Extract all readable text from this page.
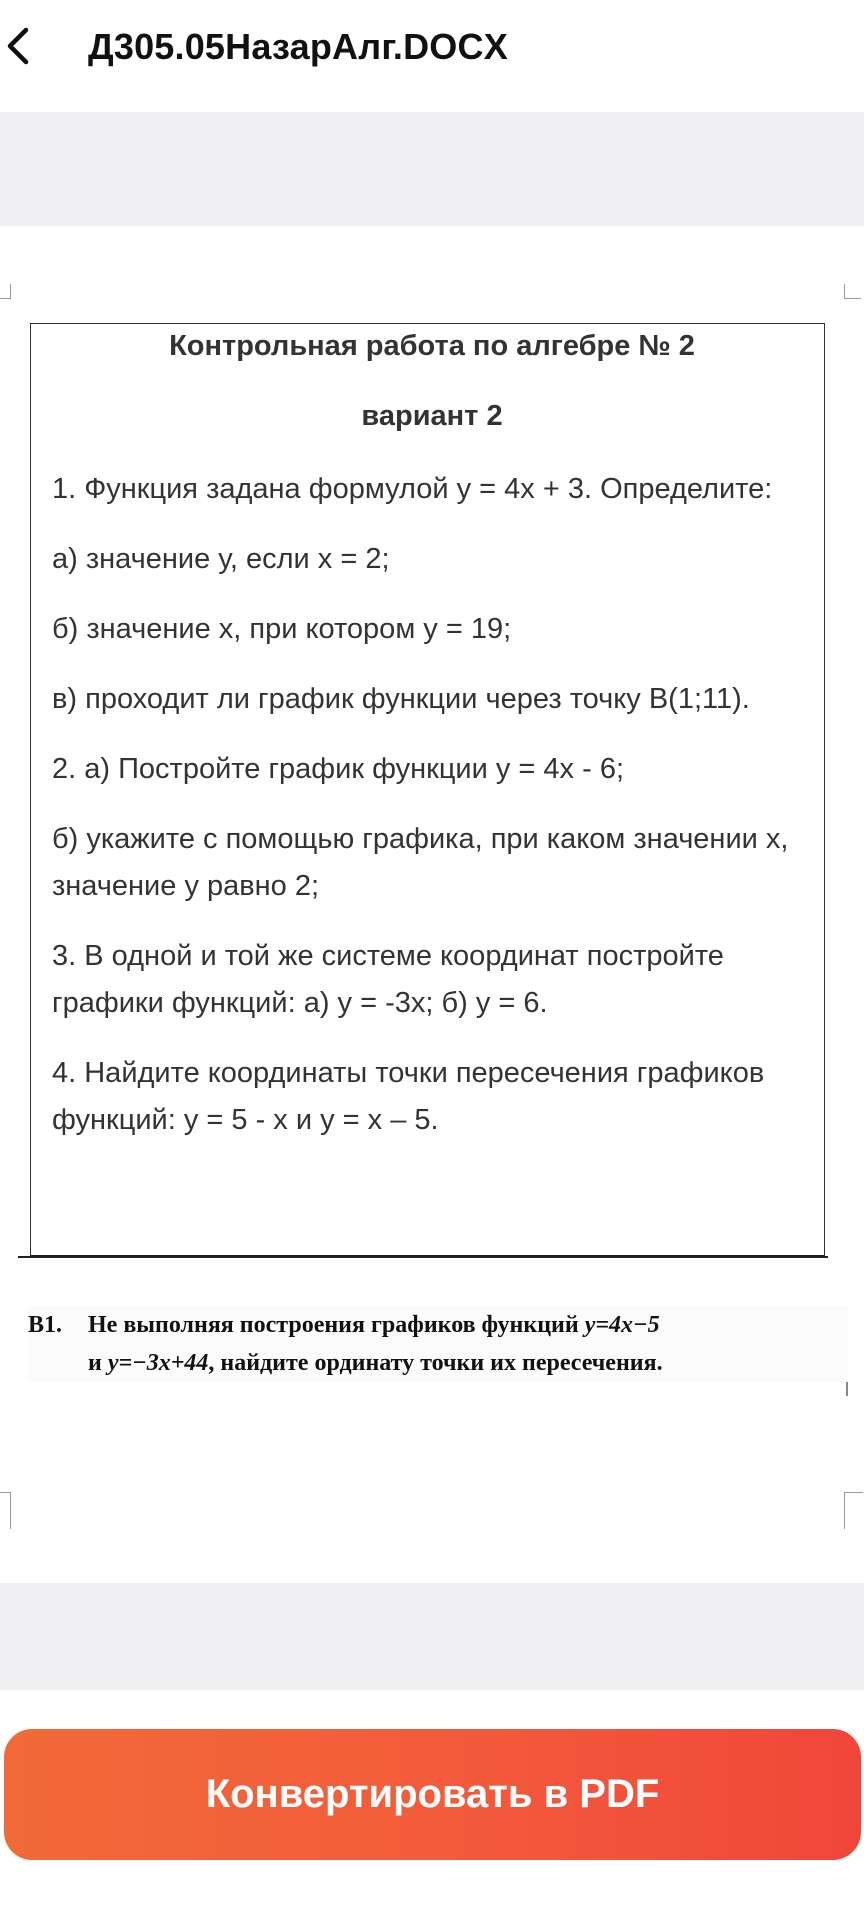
Д305.05НазарАлг.DOCX
Контрольная работа по алгебре № 2
вариант 2

1. Функция задана формулой у = 4х + 3. Определите:

а) значение у, если х = 2;

б) значение х, при котором у = 19;

в) проходит ли график функции через точку В(1;11).

2. а) Постройте график функции у = 4х - 6;

б) укажите с помощью графика, при каком значении х, значение у равно 2;

3. В одной и той же системе координат постройте графики функций: а) у = -3х; б) у = 6.

4. Найдите координаты точки пересечения графиков функций: у = 5 - х и у = х – 5.

B1. Не выполняя построения графиков функций y=4x−5
и y=−3x+44, найдите ординату точки их пересечения.
Конвертировать в PDF
